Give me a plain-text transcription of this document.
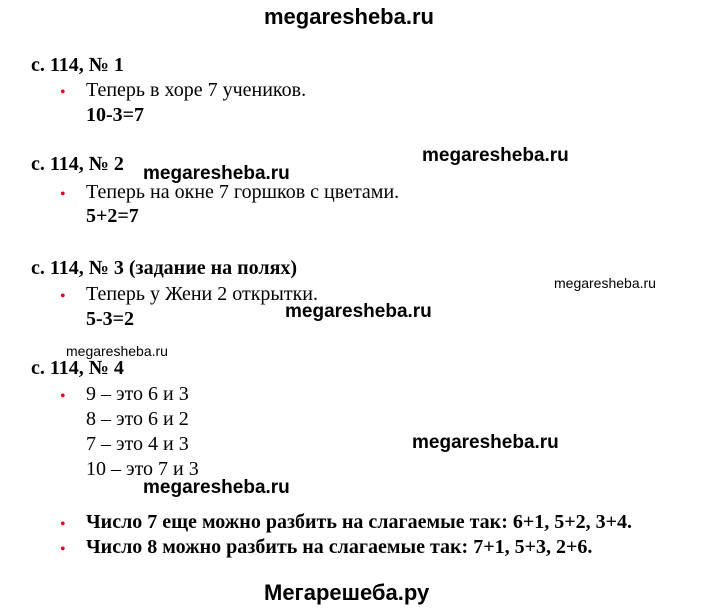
megaresheba.ru
с. 114, № 1
• Теперь в хоре 7 учеников.
10-3=7
с. 114, № 2
• Теперь на окне 7 горшков с цветами.
5+2=7
с. 114, № 3 (задание на полях)
• Теперь у Жени 2 открытки.
5-3=2
с. 114, № 4
• 9 – это 6 и 3
8 – это 6 и 2
7 – это 4 и 3
10 – это 7 и 3
• Число 7 еще можно разбить на слагаемые так: 6+1, 5+2, 3+4.
• Число 8 можно разбить на слагаемые так: 7+1, 5+3, 2+6.
megaresheba.ru
megaresheba.ru
megaresheba.ru
megaresheba.ru
megaresheba.ru
megaresheba.ru
megaresheba.ru
Мегарешеба.ру
